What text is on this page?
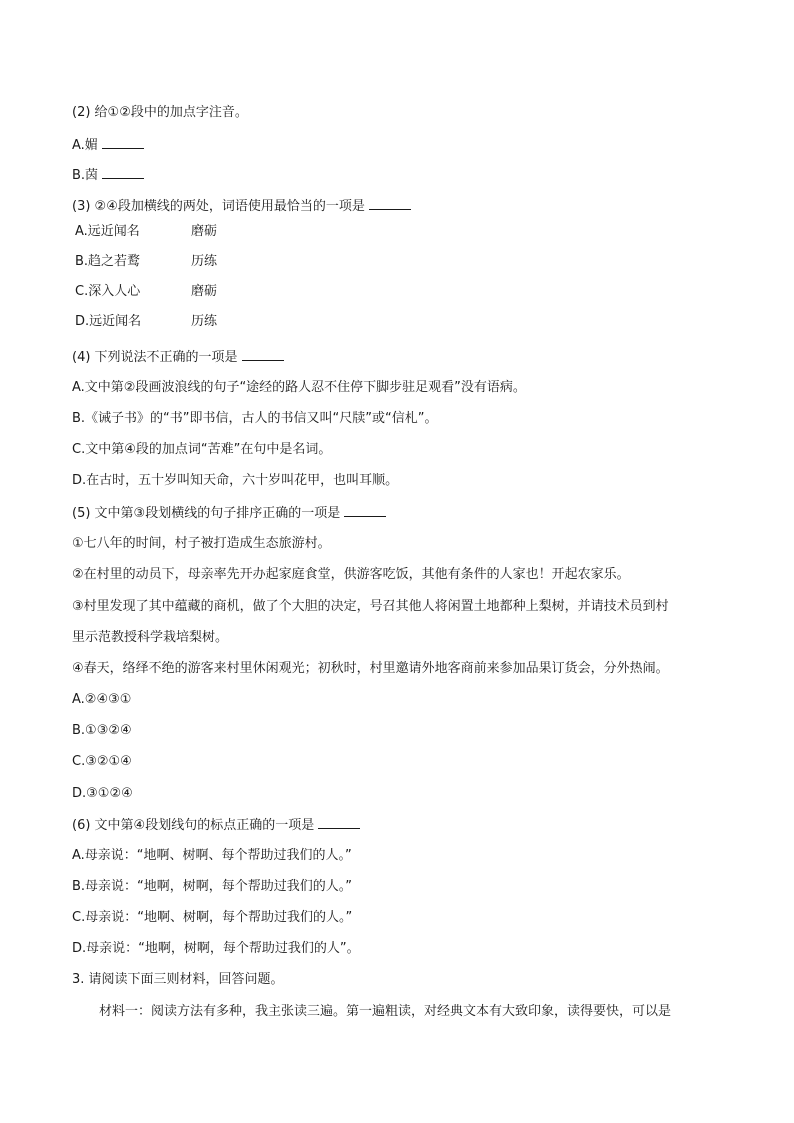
(2) 给①②段中的加点字注音。
A.媚
B.茵
(3) ②④段加横线的两处，词语使用最恰当的一项是
A.远近闻名	磨砺
B.趋之若鹜	历练
C.深入人心	磨砺
D.远近闻名	历练
(4) 下列说法不正确的一项是
A.文中第②段画波浪线的句子“途经的路人忍不住停下脚步驻足观看”没有语病。
B.《诫子书》的“书”即书信，古人的书信又叫“尺牍”或“信札”。
C.文中第④段的加点词“苦难”在句中是名词。
D.在古时，五十岁叫知天命，六十岁叫花甲，也叫耳顺。
(5) 文中第③段划横线的句子排序正确的一项是
①七八年的时间，村子被打造成生态旅游村。
②在村里的动员下，母亲率先开办起家庭食堂，供游客吃饭，其他有条件的人家也！开起农家乐。
③村里发现了其中蕴藏的商机，做了个大胆的决定，号召其他人将闲置土地都种上梨树，并请技术员到村
里示范教授科学栽培梨树。
④春天，络绎不绝的游客来村里休闲观光；初秋时，村里邀请外地客商前来参加品果订货会，分外热闹。
A.②④③①
B.①③②④
C.③②①④
D.③①②④
(6) 文中第④段划线句的标点正确的一项是
A.母亲说：“地啊、树啊、每个帮助过我们的人。”
B.母亲说：“地啊，树啊，每个帮助过我们的人。”
C.母亲说：“地啊、树啊，每个帮助过我们的人。”
D.母亲说：“地啊，树啊，每个帮助过我们的人”。
3. 请阅读下面三则材料，回答问题。
材料一：阅读方法有多种，我主张读三遍。第一遍粗读，对经典文本有大致印象，读得要快，可以是
